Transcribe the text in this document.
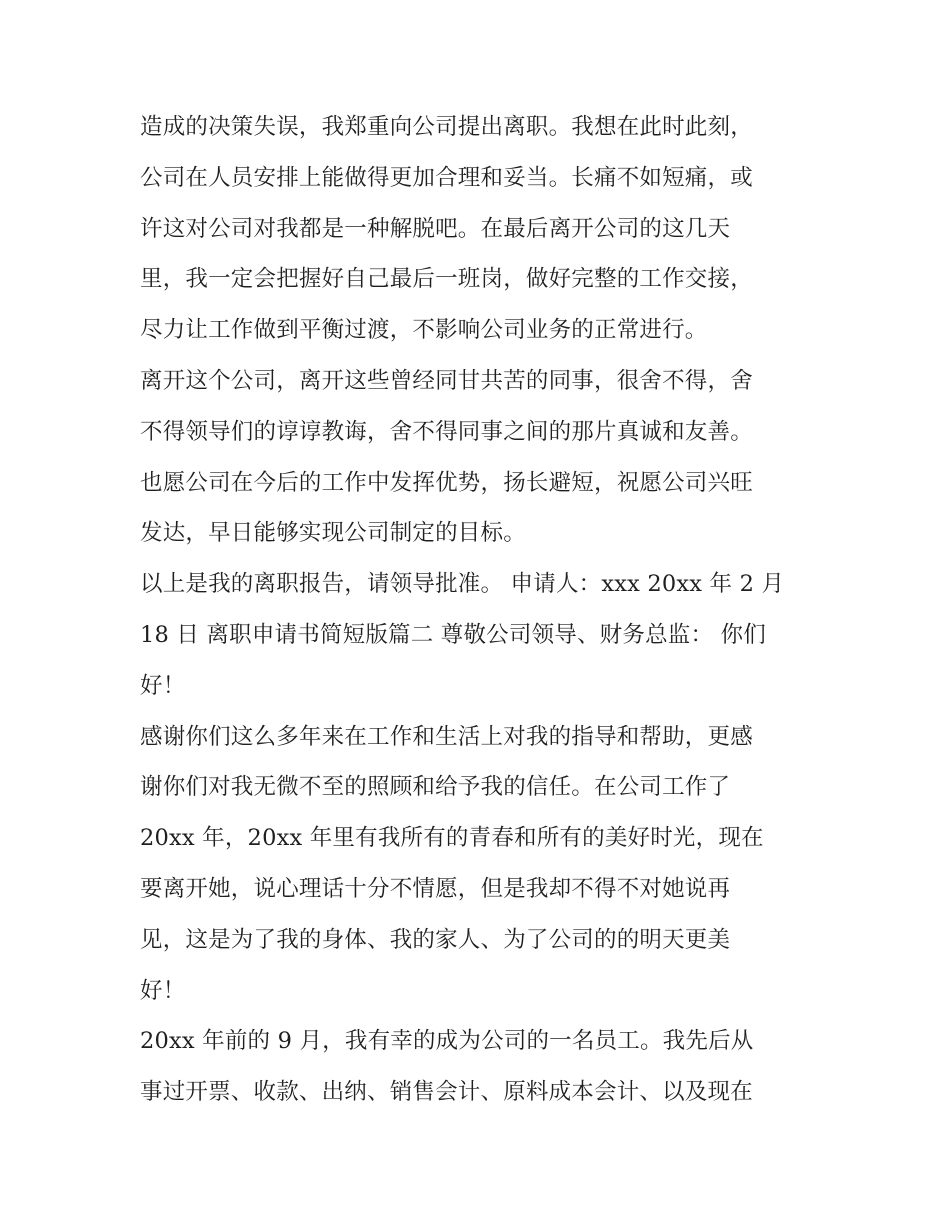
造成的决策失误，我郑重向公司提出离职。我想在此时此刻，
公司在人员安排上能做得更加合理和妥当。长痛不如短痛，或
许这对公司对我都是一种解脱吧。在最后离开公司的这几天
里，我一定会把握好自己最后一班岗，做好完整的工作交接，
尽力让工作做到平衡过渡，不影响公司业务的正常进行。
离开这个公司，离开这些曾经同甘共苦的同事，很舍不得，舍
不得领导们的谆谆教诲，舍不得同事之间的那片真诚和友善。
也愿公司在今后的工作中发挥优势，扬长避短，祝愿公司兴旺
发达，早日能够实现公司制定的目标。
以上是我的离职报告，请领导批准。 申请人：xxx 20xx 年 2 月
18 日 离职申请书简短版篇二 尊敬公司领导、财务总监： 你们
好！
感谢你们这么多年来在工作和生活上对我的指导和帮助，更感
谢你们对我无微不至的照顾和给予我的信任。在公司工作了
20xx 年，20xx 年里有我所有的青春和所有的美好时光，现在
要离开她，说心理话十分不情愿，但是我却不得不对她说再
见，这是为了我的身体、我的家人、为了公司的的明天更美
好！
20xx 年前的 9 月，我有幸的成为公司的一名员工。我先后从
事过开票、收款、出纳、销售会计、原料成本会计、以及现在
